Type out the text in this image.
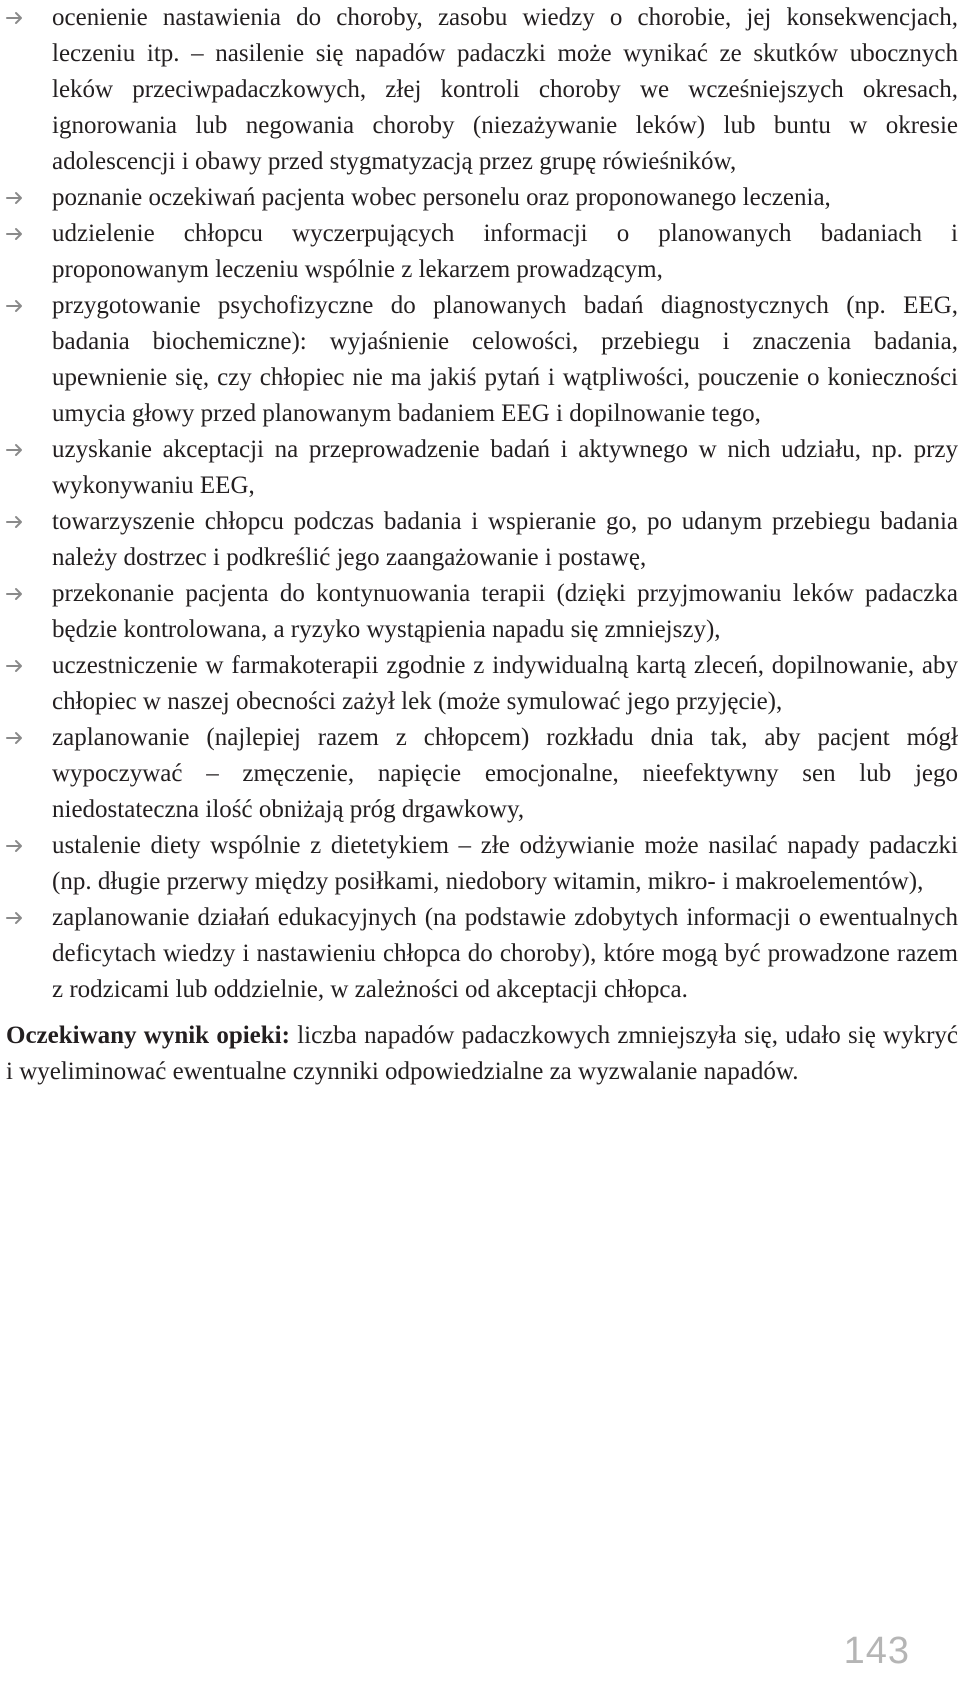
ocenienie nastawienia do choroby, zasobu wiedzy o chorobie, jej konsekwencjach, leczeniu itp. – nasilenie się napadów padaczki może wynikać ze skutków ubocznych leków przeciwpadaczkowych, złej kontroli choroby we wcześniejszych okresach, ignorowania lub negowania choroby (niezażywanie leków) lub buntu w okresie adolescencji i obawy przed stygmatyzacją przez grupę rówieśników,
poznanie oczekiwań pacjenta wobec personelu oraz proponowanego leczenia,
udzielenie chłopcu wyczerpujących informacji o planowanych badaniach i proponowanym leczeniu wspólnie z lekarzem prowadzącym,
przygotowanie psychofizyczne do planowanych badań diagnostycznych (np. EEG, badania biochemiczne): wyjaśnienie celowości, przebiegu i znaczenia badania, upewnienie się, czy chłopiec nie ma jakiś pytań i wątpliwości, pouczenie o konieczności umycia głowy przed planowanym badaniem EEG i dopilnowanie tego,
uzyskanie akceptacji na przeprowadzenie badań i aktywnego w nich udziału, np. przy wykonywaniu EEG,
towarzyszenie chłopcu podczas badania i wspieranie go, po udanym przebiegu badania należy dostrzec i podkreślić jego zaangażowanie i postawę,
przekonanie pacjenta do kontynuowania terapii (dzięki przyjmowaniu leków padaczka będzie kontrolowana, a ryzyko wystąpienia napadu się zmniejszy),
uczestniczenie w farmakoterapii zgodnie z indywidualną kartą zleceń, dopilnowanie, aby chłopiec w naszej obecności zażył lek (może symulować jego przyjęcie),
zaplanowanie (najlepiej razem z chłopcem) rozkładu dnia tak, aby pacjent mógł wypoczywać – zmęczenie, napięcie emocjonalne, nieefektywny sen lub jego niedostateczna ilość obniżają próg drgawkowy,
ustalenie diety wspólnie z dietetykiem – złe odżywianie może nasilać napady padaczki (np. długie przerwy między posiłkami, niedobory witamin, mikro- i makroelementów),
zaplanowanie działań edukacyjnych (na podstawie zdobytych informacji o ewentualnych deficytach wiedzy i nastawieniu chłopca do choroby), które mogą być prowadzone razem z rodzicami lub oddzielnie, w zależności od akceptacji chłopca.

Oczekiwany wynik opieki: liczba napadów padaczkowych zmniejszyła się, udało się wykryć i wyeliminować ewentualne czynniki odpowiedzialne za wyzwalanie napadów.

143
